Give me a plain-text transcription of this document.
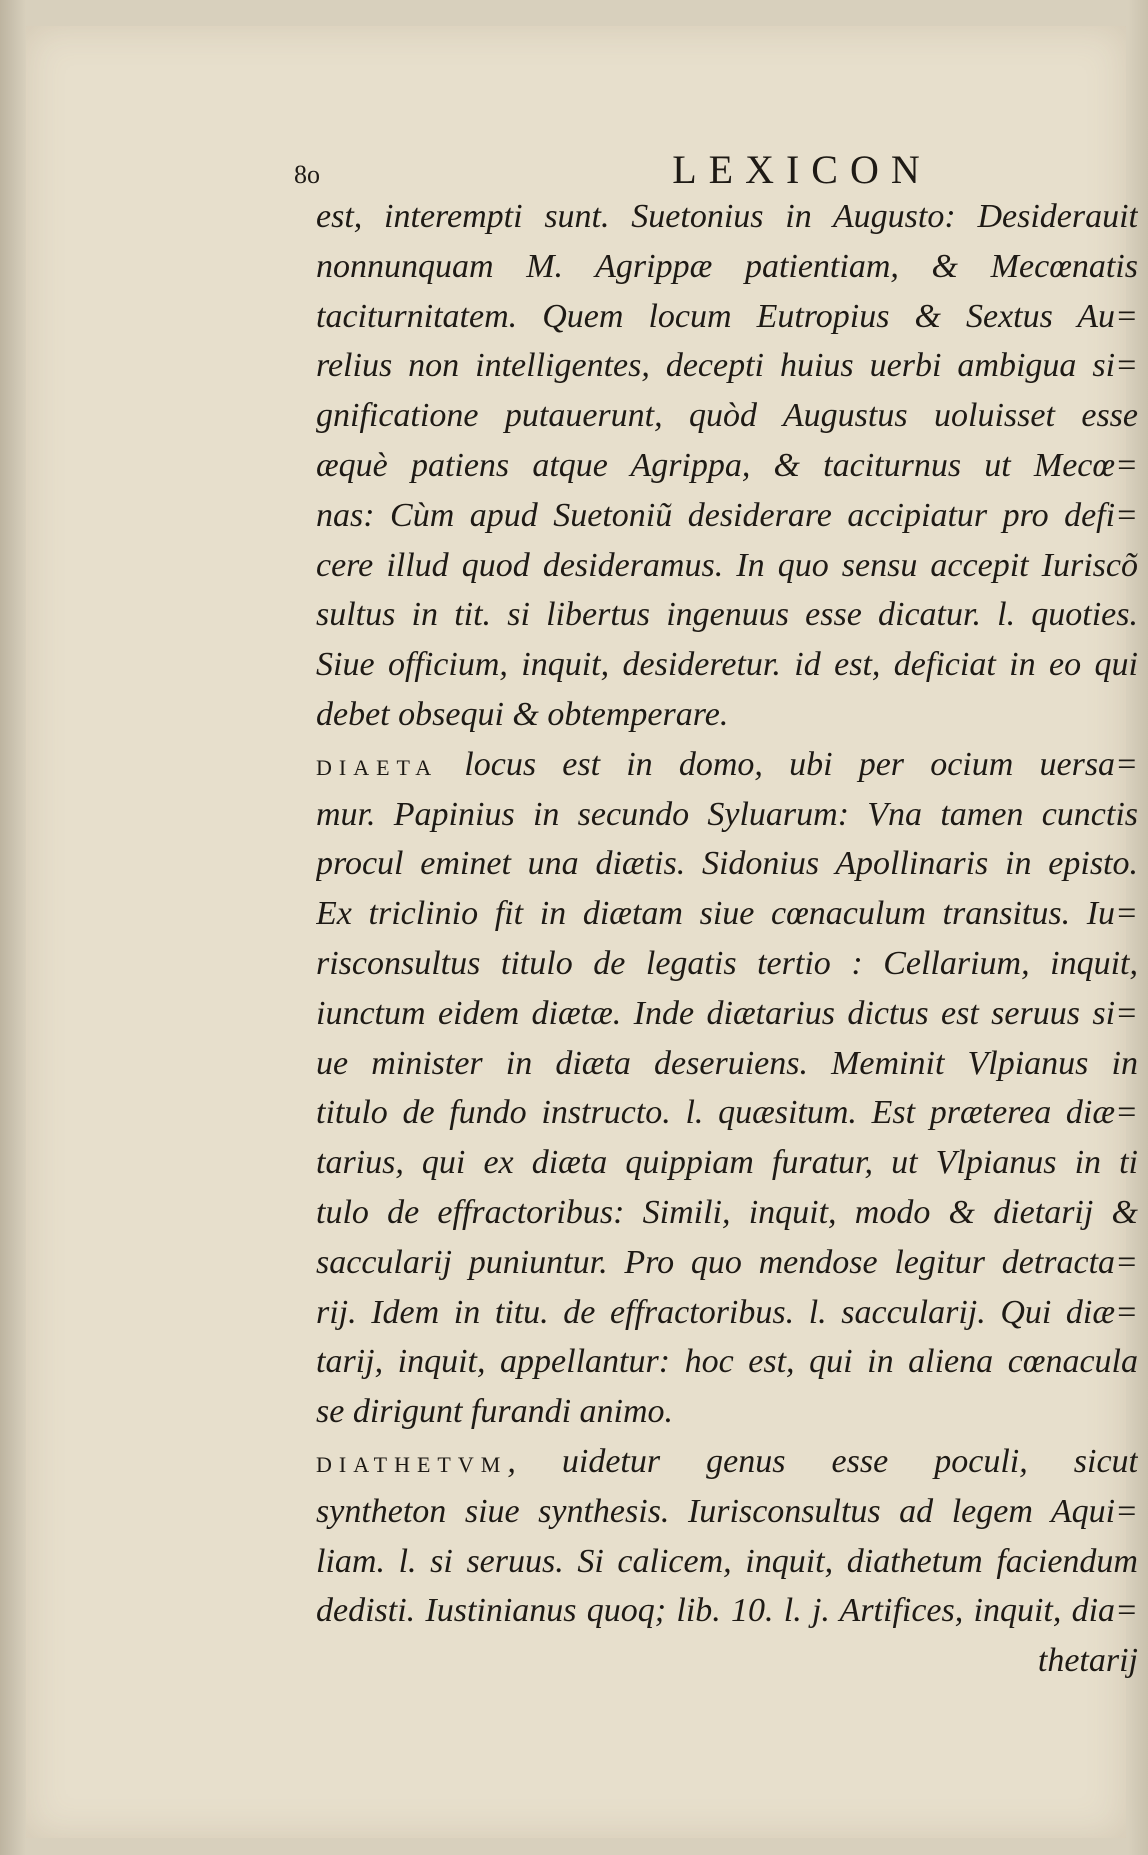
8o	LEXICON
est, interempti sunt. Suetonius in Augusto: Desiderauit
nonnunquam M. Agrippæ patientiam, & Mecœnatis
taciturnitatem. Quem locum Eutropius & Sextus Au=
relius non intelligentes, decepti huius uerbi ambigua si=
gnificatione putauerunt, quòd Augustus uoluisset esse
æquè patiens atque Agrippa, & taciturnus ut Mecœ=
nas: Cùm apud Suetoniũ desiderare accipiatur pro defi=
cere illud quod desideramus. In quo sensu accepit Iuriscõ
sultus in tit. si libertus ingenuus esse dicatur. l. quoties.
Siue officium, inquit, desideretur. id est, deficiat in eo qui
debet obsequi & obtemperare.
DIAETA locus est in domo, ubi per ocium uersa=
mur. Papinius in secundo Syluarum: Vna tamen cunctis
procul eminet una diætis. Sidonius Apollinaris in episto.
Ex triclinio fit in diætam siue cœnaculum transitus. Iu=
risconsultus titulo de legatis tertio : Cellarium, inquit,
iunctum eidem diætæ. Inde diætarius dictus est seruus si=
ue minister in diæta deseruiens. Meminit Vlpianus in
titulo de fundo instructo. l. quæsitum. Est præterea diæ=
tarius, qui ex diæta quippiam furatur, ut Vlpianus in ti
tulo de effractoribus: Simili, inquit, modo & dietarij &
saccularij puniuntur. Pro quo mendose legitur detracta=
rij. Idem in titu. de effractoribus. l. saccularij. Qui diæ=
tarij, inquit, appellantur: hoc est, qui in aliena cœnacula
se dirigunt furandi animo.
DIATHETVM, uidetur genus esse poculi, sicut
syntheton siue synthesis. Iurisconsultus ad legem Aqui=
liam. l. si seruus. Si calicem, inquit, diathetum faciendum
dedisti. Iustinianus quoq; lib. 10. l. j. Artifices, inquit, dia=
thetarij
